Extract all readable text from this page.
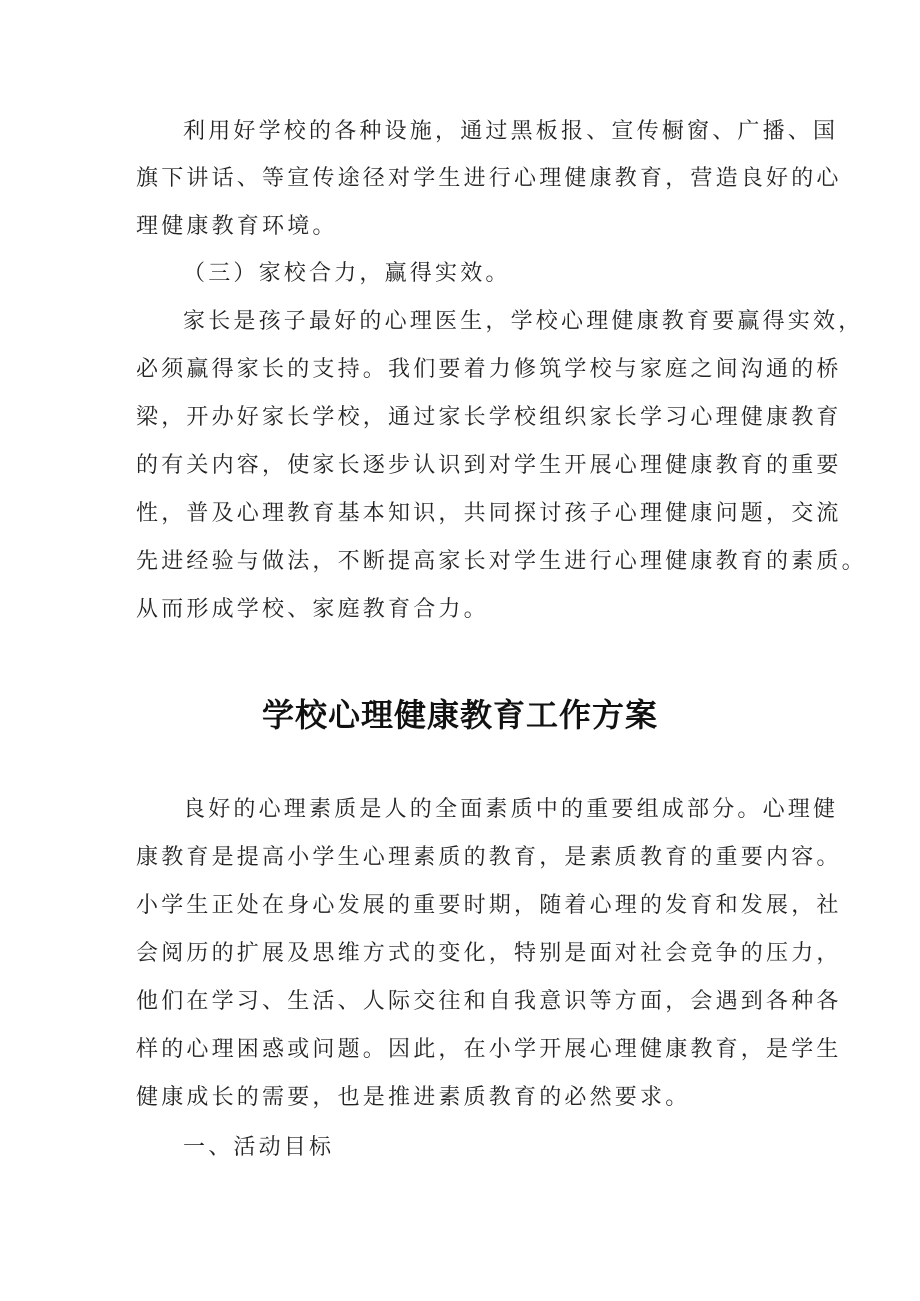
利用好学校的各种设施，通过黑板报、宣传橱窗、广播、国
旗下讲话、等宣传途径对学生进行心理健康教育，营造良好的心
理健康教育环境。
（三）家校合力，赢得实效。
家长是孩子最好的心理医生，学校心理健康教育要赢得实效，
必须赢得家长的支持。我们要着力修筑学校与家庭之间沟通的桥
梁，开办好家长学校，通过家长学校组织家长学习心理健康教育
的有关内容，使家长逐步认识到对学生开展心理健康教育的重要
性，普及心理教育基本知识，共同探讨孩子心理健康问题，交流
先进经验与做法，不断提高家长对学生进行心理健康教育的素质。
从而形成学校、家庭教育合力。
学校心理健康教育工作方案
良好的心理素质是人的全面素质中的重要组成部分。心理健
康教育是提高小学生心理素质的教育，是素质教育的重要内容。
小学生正处在身心发展的重要时期，随着心理的发育和发展，社
会阅历的扩展及思维方式的变化，特别是面对社会竞争的压力，
他们在学习、生活、人际交往和自我意识等方面，会遇到各种各
样的心理困惑或问题。因此，在小学开展心理健康教育，是学生
健康成长的需要，也是推进素质教育的必然要求。
一、活动目标
